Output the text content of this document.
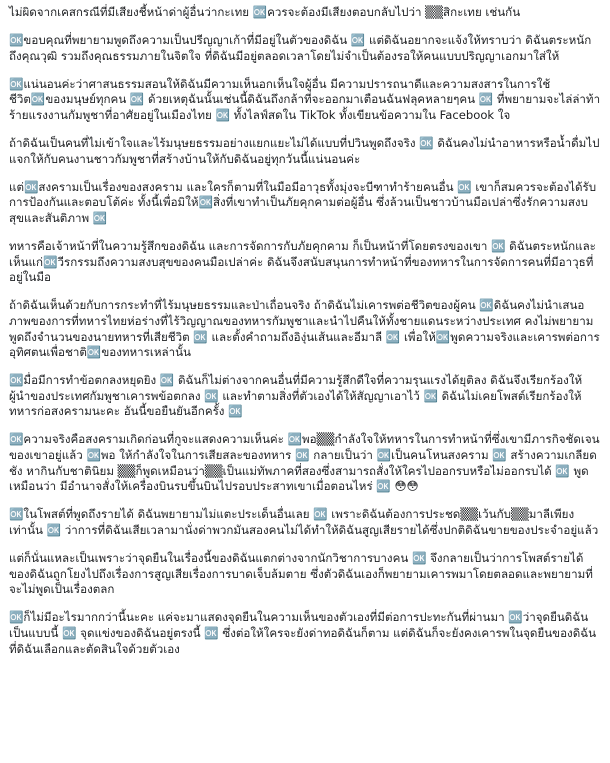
ไม่ผิดจากเคสกรณีที่มีเสียงชี้หน้าด่าผู้อื่นว่ากะเทย 🆗ควรจะต้องมีเสียงตอบกลับไปว่า ▒▒สิกะเทย เช่นกัน

🆗ขอบคุณที่พยายามพูดถึงความเป็นปรีญญาเก้าที่มีอยู่ในตัวของดิฉัน 🆗 แต่ดิฉันอยากจะแจ้งให้ทราบว่า ดิฉันตระหนักถึงคุณวุฒิ รวมถึงคุณธรรมภายในจิตใจ ที่ดิฉันมีอยู่ตลอดเวลาโดยไม่จำเป็นต้องรอให้คนแบบปริญญาเอกมาใส่ให้

🆗แน่นอนค่ะว่าศาสนธรรมสอนให้ดิฉันมีความเห็นอกเห็นใจผู้อื่น มีความปรารถนาดีและความสงสารในการใช้ชีวิต🆗ของมนุษย์ทุกคน 🆗 ด้วยเหตุฉันนั้นเช่นนี้ดิฉันถึงกล้าที่จะออกมาเตือนฉันฟลุคหลายๆคน 🆗 ที่พยายามจะไล่ล่าท้าร้ายแรงงานกัมพูชาที่อาศัยอยู่ในเมืองไทย 🆗 ทั้งไลฟ์สดใน TikTok ทั้งเขียนข้อความใน Facebook ใจ

ถ้าดิฉันเป็นคนที่ไม่เข้าใจและไร้มนุษยธรรมอย่างแยกแยะไม่ได้แบบที่ปวินพูดถึงจริง 🆗 ดิฉันคงไม่นำอาหารหรือน้ำดื่มไปแจกให้กับคนงานชาวกัมพูชาที่สร้างบ้านให้กับดิฉันอยู่ทุกวันนี้แน่นอนค่ะ

แต่🆗สงครามเป็นเรื่องของสงคราม และใครก็ตามที่ในมือมีอาวุธทั้งมุ่งจะบีฑาทำร้ายคนอื่น 🆗 เขาก็สมควรจะต้องได้รับการป้องกันและตอบโต้ค่ะ ทั้งนี้เพื่อมิให้🆗สิ่งที่เขาทำเป็นภัยคุกคามต่อผู้อื่น ซึ่งล้วนเป็นชาวบ้านมือเปล่าซึ่งรักความสงบสุขและสันติภาพ 🆗

ทหารคือเจ้าหน้าที่ในความรู้สึกของดิฉัน และการจัดการกับภัยคุกคาม ก็เป็นหน้าที่โดยตรงของเขา 🆗 ดิฉันตระหนักและเห็นแก่🆗วีรกรรมถึงความสงบสุขของคนมือเปล่าค่ะ ดิฉันจึงสนับสนุนการทำหน้าที่ของทหารในการจัดการคนที่มีอาวุธที่อยู่ในมือ

ถ้าดิฉันเห็นด้วยกับการกระทำที่ไร้มนุษยธรรมและป่าเถื่อนจริง ถ้าดิฉันไม่เคารพต่อชีวิตของผู้คน 🆗ดิฉันคงไม่นำเสนอภาพของการที่ทหารไทยห่อร่างที่ไร้วิญญาณของทหารกัมพูชาและนำไปคืนให้ทั้งชายแดนระหว่างประเทศ คงไม่พยายามพูดถึงจำนวนของนายทหารที่เสียชีวิต 🆗 และตั้งคำถามถึงอิงุ่นเส้นและอีมาลี 🆗 เพื่อให้🆗พูดความจริงและเคารพต่อการอุทิศตนเพื่อชาติ🆗ของทหารเหล่านั้น

🆗มื่อมีการทำข้อตกลงหยุดยิง 🆗 ดิฉันก็ไม่ต่างจากคนอื่นที่มีความรู้สึกดีใจที่ความรุนแรงได้ยุติลง ดิฉันจึงเรียกร้องให้ผู้นำของประเทศกัมพูชาเคารพข้อตกลง 🆗 และทำตามสิ่งที่ตัวเองได้ให้สัญญาเอาไว้ 🆗 ดิฉันไม่เคยโพสต์เรียกร้องให้ทหารก่อสงครามนะคะ อันนี้ขอยืนยันอีกครั้ง 🆗

🆗ความจริงคือสงครามเกิดก่อนที่กูจะแสดงความเห็นค่ะ 🆗พอ▒▒กำลังใจให้ทหารในการทำหน้าที่ซึ่งเขามีภารกิจชัดเจนของเขาอยู่แล้ว 🆗พอ ให้กำลังใจในการเสียสละของทหาร 🆗 กลายเป็นว่า 🆗เป็นคนโหนสงคราม 🆗 สร้างความเกลียดชัง หากินกับชาตินิยม ▒▒ก็พูดเหมือนว่า▒▒เป็นแม่ทัพภาคที่สองซึ่งสามารถสั่งให้ใครไปออกรบหรือไม่ออกรบได้ 🆗 พูดเหมือนว่า มีอำนาจสั่งให้เครื่องบินรบขึ้นบินไปรอบประสาทเขาเมื่อตอนไหร่ 🆗 😳😳

🆗ในโพสต์ที่พูดถึงรายได้ ดิฉันพยายามไม่แตะประเด็นอื่นเลย 🆗 เพราะดิฉันต้องการประชด▒▒เว้นกับ▒▒มาลีเพียงเท่านั้น 🆗 ว่าการที่ดิฉันเสียเวลามานั่งด่าพวกมันสองคนไม่ได้ทำให้ดิฉันสูญเสียรายได้ซึ่งปกติดิฉันขายของประจำอยู่แล้ว

แต่ก็นั่นแหละเป็นเพราะว่าจุดยืนในเรื่องนี้ของดิฉันแตกต่างจากนักวิชาการบางคน 🆗 จึงกลายเป็นว่าการโพสต์รายได้ของดิฉันถูกโยงไปถึงเรื่องการสูญเสียเรื่องการบาดเจ็บล้มตาย ซึ่งตัวดิฉันเองก็พยายามเคารพมาโดยตลอดและพยายามที่จะไม่พูดเป็นเรื่องตลก

🆗ก็ไม่มีอะไรมากกว่านี้นะคะ แค่จะมาแสดงจุดยืนในความเห็นของตัวเองที่มีต่อการปะทะกันที่ผ่านมา 🆗ว่าจุดยืนดิฉันเป็นแบบนี้ 🆗 จุดแข่งของดิฉันอยู่ตรงนี้ 🆗 ซึ่งต่อให้ใครจะยังด่าทอดิฉันก็ตาม แต่ดิฉันก็จะยังคงเคารพในจุดยืนของดิฉันที่ดิฉันเลือกและตัดสินใจด้วยตัวเอง
